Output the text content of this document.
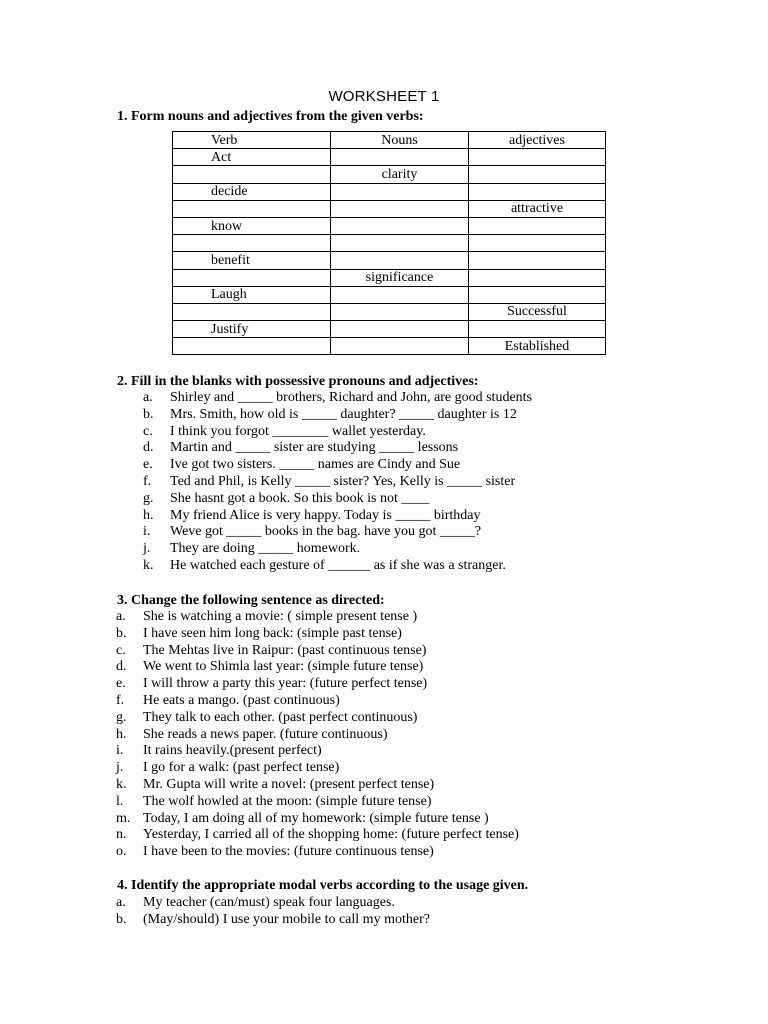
WORKSHEET 1
1. Form nouns and adjectives from the given verbs:
Verb	Nouns	adjectives
Act		
	clarity	
decide		
		attractive
know		

benefit		
	significance	
Laugh		
		Successful
Justify		
		Established
2. Fill in the blanks with possessive pronouns and adjectives:
a. Shirley and _____ brothers, Richard and John, are good students
b. Mrs. Smith, how old is _____ daughter? _____ daughter is 12
c. I think you forgot ________ wallet yesterday.
d. Martin and _____ sister are studying _____ lessons
e. Ive got two sisters. _____ names are Cindy and Sue
f. Ted and Phil, is Kelly _____ sister? Yes, Kelly is _____ sister
g. She hasnt got a book. So this book is not ____
h. My friend Alice is very happy. Today is _____ birthday
i. Weve got _____ books in the bag. have you got _____?
j. They are doing _____ homework.
k. He watched each gesture of ______ as if she was a stranger.
3. Change the following sentence as directed:
a. She is watching a movie: ( simple present tense )
b. I have seen him long back: (simple past tense)
c. The Mehtas live in Raipur: (past continuous tense)
d. We went to Shimla last year: (simple future tense)
e. I will throw a party this year: (future perfect tense)
f. He eats a mango. (past continuous)
g. They talk to each other. (past perfect continuous)
h. She reads a news paper. (future continuous)
i. It rains heavily.(present perfect)
j. I go for a walk: (past perfect tense)
k. Mr. Gupta will write a novel: (present perfect tense)
l. The wolf howled at the moon: (simple future tense)
m. Today, I am doing all of my homework: (simple future tense )
n. Yesterday, I carried all of the shopping home: (future perfect tense)
o. I have been to the movies: (future continuous tense)
4. Identify the appropriate modal verbs according to the usage given.
a. My teacher (can/must) speak four languages.
b. (May/should) I use your mobile to call my mother?
